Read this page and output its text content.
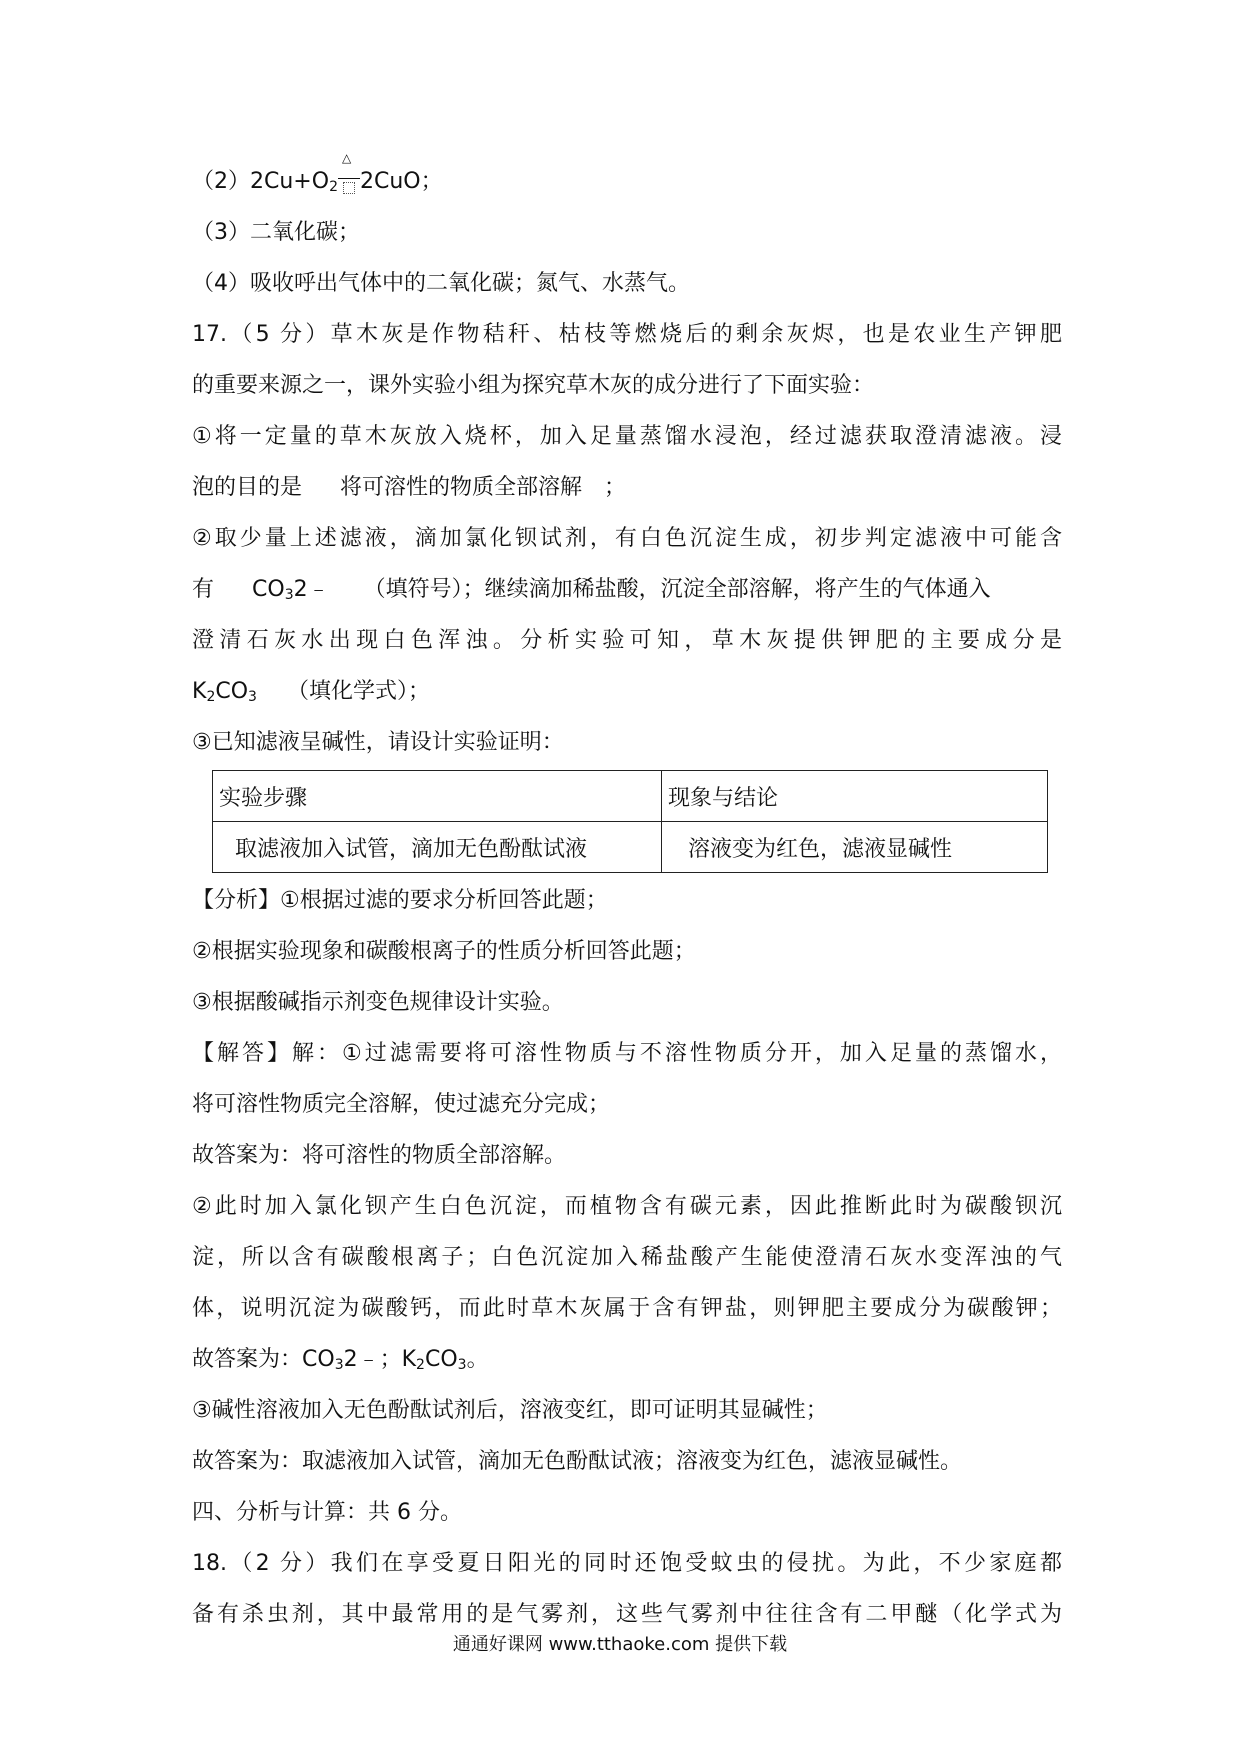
$(2)2Cu+O_2$
△
2CuO；
（3）二氧化碳；
（4）吸收呼出气体中的二氧化碳；氮气、水蒸气。
17.（5 分）草木灰是作物秸秆、枯枝等燃烧后的剩余灰烬，也是农业生产钾肥
的重要来源之一，课外实验小组为探究草木灰的成分进行了下面实验：
①将一定量的草木灰放入烧杯，加入足量蒸馏水浸泡，经过滤获取澄清滤液。浸
泡的目的是 将可溶性的物质全部溶解 ；
②取少量上述滤液，滴加氯化钡试剂，有白色沉淀生成，初步判定滤液中可能含
有 $CO_32﹣$ （填符号）；继续滴加稀盐酸，沉淀全部溶解，将产生的气体通入
澄清石灰水出现白色浑浊。分析实验可知，草木灰提供钾肥的主要成分是
$K_2CO_3$ （填化学式）；
③已知滤液呈碱性，请设计实验证明：
实验步骤	现象与结论
取滤液加入试管，滴加无色酚酞试液	溶液变为红色，滤液显碱性
【分析】①根据过滤的要求分析回答此题；
②根据实验现象和碳酸根离子的性质分析回答此题；
③根据酸碱指示剂变色规律设计实验。
【解答】解：①过滤需要将可溶性物质与不溶性物质分开，加入足量的蒸馏水，
将可溶性物质完全溶解，使过滤充分完成；
故答案为：将可溶性的物质全部溶解。
②此时加入氯化钡产生白色沉淀，而植物含有碳元素，因此推断此时为碳酸钡沉
淀，所以含有碳酸根离子；白色沉淀加入稀盐酸产生能使澄清石灰水变浑浊的气
体，说明沉淀为碳酸钙，而此时草木灰属于含有钾盐，则钾肥主要成分为碳酸钾；
故答案为：$CO_32﹣$；$K_2CO_3$。
③碱性溶液加入无色酚酞试剂后，溶液变红，即可证明其显碱性；
故答案为：取滤液加入试管，滴加无色酚酞试液；溶液变为红色，滤液显碱性。
四、分析与计算：共 6 分。
18.（2 分）我们在享受夏日阳光的同时还饱受蚊虫的侵扰。为此，不少家庭都
备有杀虫剂，其中最常用的是气雾剂，这些气雾剂中往往含有二甲醚（化学式为
通通好课网 www.tthaoke.com 提供下载
